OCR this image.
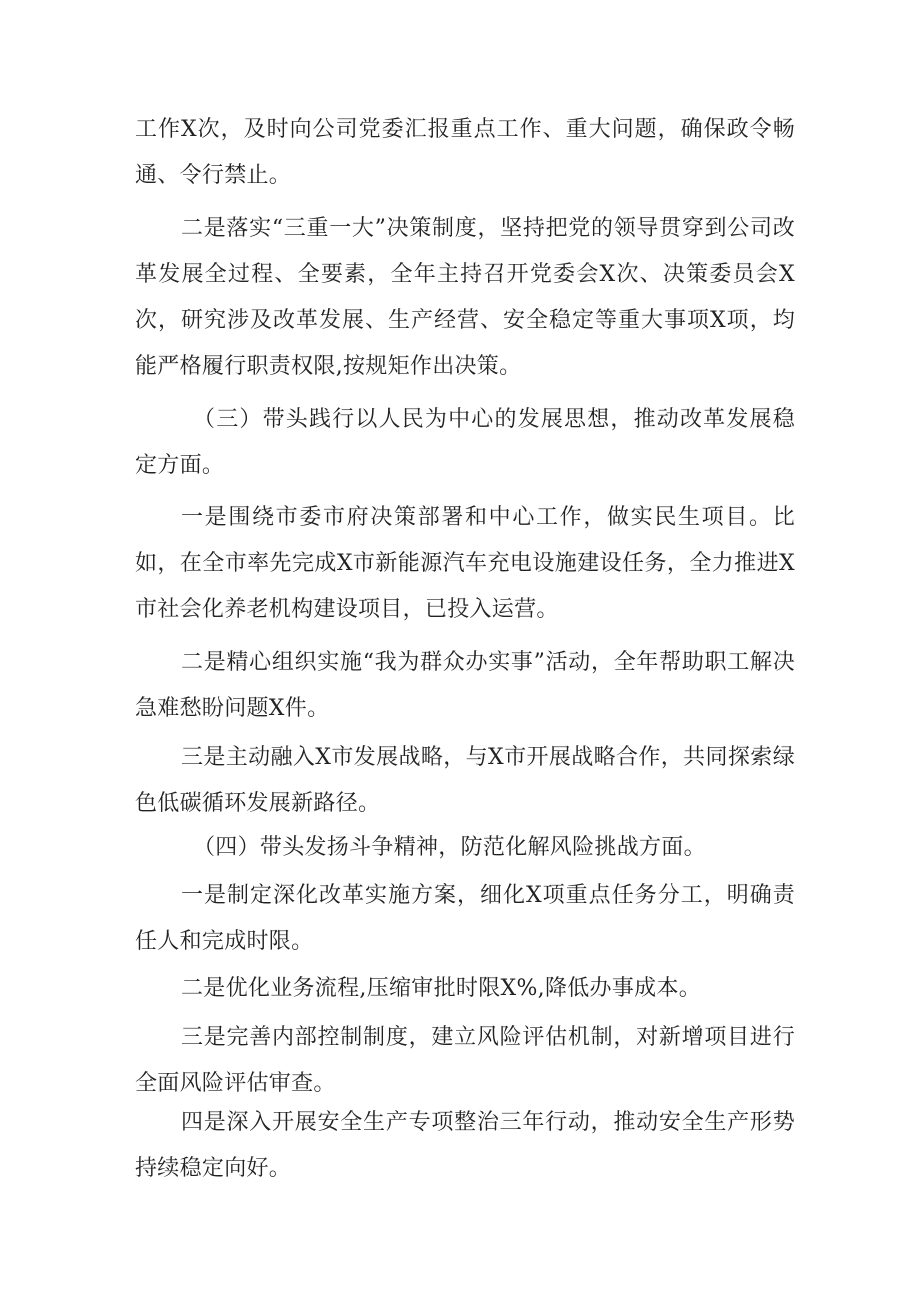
工作X次，及时向公司党委汇报重点工作、重大问题，确保政令畅通、令行禁止。

二是落实“三重一大”决策制度，坚持把党的领导贯穿到公司改革发展全过程、全要素，全年主持召开党委会X次、决策委员会X次，研究涉及改革发展、生产经营、安全稳定等重大事项X项，均能严格履行职责权限,按规矩作出决策。

（三）带头践行以人民为中心的发展思想，推动改革发展稳定方面。

一是围绕市委市府决策部署和中心工作，做实民生项目。比如，在全市率先完成X市新能源汽车充电设施建设任务，全力推进X市社会化养老机构建设项目，已投入运营。

二是精心组织实施“我为群众办实事”活动，全年帮助职工解决急难愁盼问题X件。

三是主动融入X市发展战略，与X市开展战略合作，共同探索绿色低碳循环发展新路径。

（四）带头发扬斗争精神，防范化解风险挑战方面。

一是制定深化改革实施方案，细化X项重点任务分工，明确责任人和完成时限。

二是优化业务流程,压缩审批时限X%,降低办事成本。

三是完善内部控制制度，建立风险评估机制，对新增项目进行全面风险评估审查。

四是深入开展安全生产专项整治三年行动，推动安全生产形势持续稳定向好。
